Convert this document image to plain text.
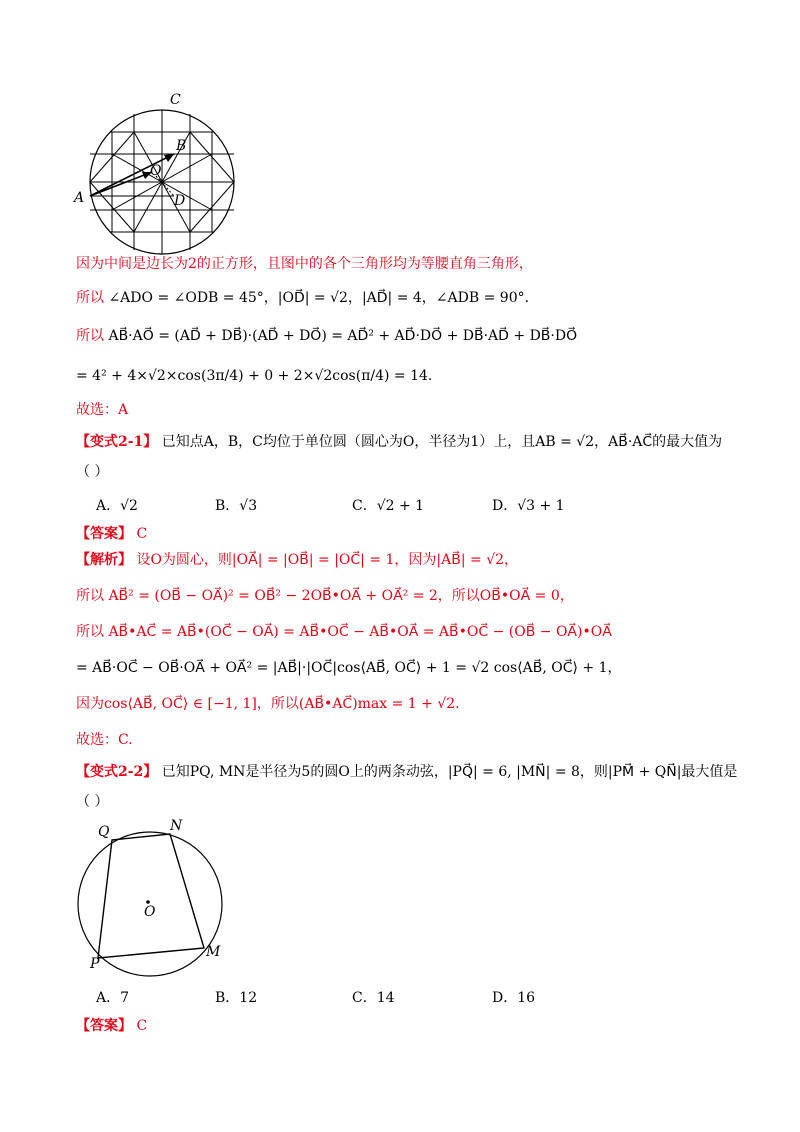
C
B
O
A	D
因为中间是边长为2的正方形，且图中的各个三角形均为等腰直角三角形，
所以 ∠ADO = ∠ODB = 45°，|OD⃗| = √2，|AD⃗| = 4，∠ADB = 90°.
所以 AB⃗·AO⃗ = (AD⃗ + DB⃗)·(AD⃗ + DO⃗) = AD⃗² + AD⃗·DO⃗ + DB⃗·AD⃗ + DB⃗·DO⃗
= 4² + 4×√2×cos(3π/4) + 0 + 2×√2cos(π/4) = 14.
故选：A
【变式2-1】 已知点A，B，C均位于单位圆（圆心为O，半径为1）上，且AB = √2，AB⃗·AC⃗的最大值为
（ ）
A．√2	B．√3	C．√2 + 1	D．√3 + 1
【答案】 C
【解析】 设O为圆心，则|OA⃗| = |OB⃗| = |OC⃗| = 1，因为|AB⃗| = √2，
所以 AB⃗² = (OB⃗ − OA⃗)² = OB⃗² − 2OB⃗•OA⃗ + OA⃗² = 2，所以OB⃗•OA⃗ = 0，
所以 AB⃗•AC⃗ = AB⃗•(OC⃗ − OA⃗) = AB⃗•OC⃗ − AB⃗•OA⃗ = AB⃗•OC⃗ − (OB⃗ − OA⃗)•OA⃗
= AB⃗·OC⃗ − OB⃗·OA⃗ + OA⃗² = |AB⃗|·|OC⃗|cos⟨AB⃗, OC⃗⟩ + 1 = √2 cos⟨AB⃗, OC⃗⟩ + 1，
因为cos⟨AB⃗, OC⃗⟩ ∈ [−1, 1]，所以(AB⃗•AC⃗)max = 1 + √2.
故选：C.
【变式2-2】 已知PQ, MN是半径为5的圆O上的两条动弦，|PQ⃗| = 6, |MN⃗| = 8，则|PM⃗ + QN⃗|最大值是
（ ）
Q	N
O
M
P
A．7	B．12	C．14	D．16
【答案】 C
